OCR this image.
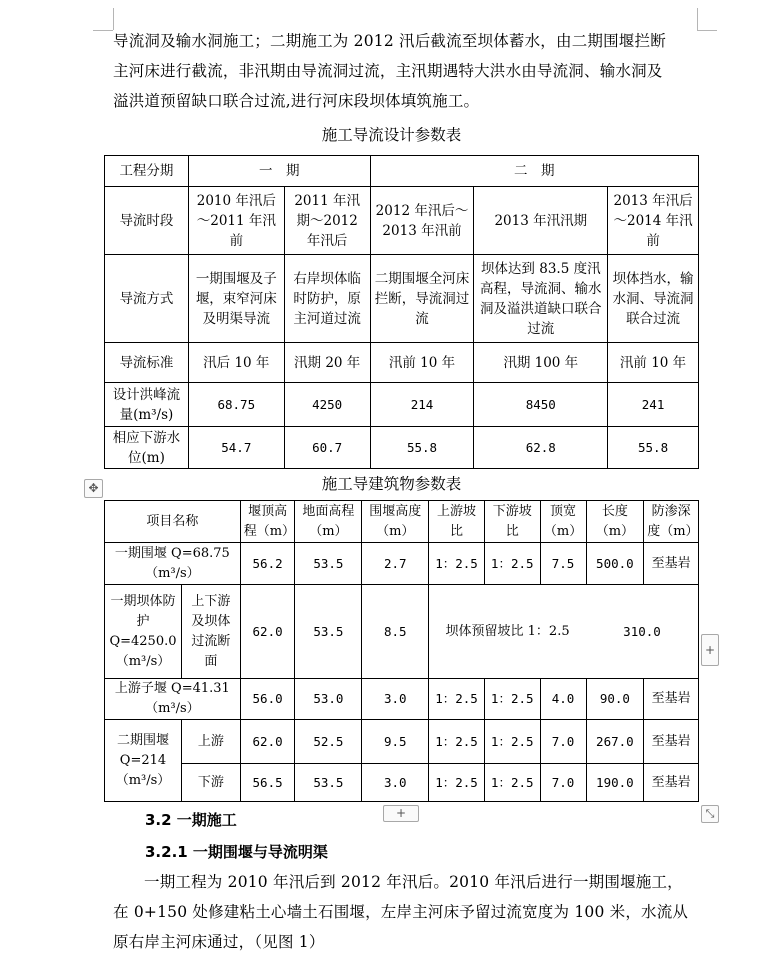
导流洞及输水洞施工；二期施工为 2012 汛后截流至坝体蓄水，由二期围堰拦断
主河床进行截流，非汛期由导流洞过流，主汛期遇特大洪水由导流洞、输水洞及
溢洪道预留缺口联合过流,进行河床段坝体填筑施工。
施工导流设计参数表
工程分期	一　期		二　期		
导流时段	2010 年汛后～2011 年汛前	2011 年汛期～2012 年汛后	2012 年汛后～2013 年汛前	2013 年汛汛期	2013 年汛后～2014 年汛前
导流方式	一期围堰及子堰，束窄河床及明渠导流	右岸坝体临时防护，原主河道过流	二期围堰全河床拦断，导流洞过流	坝体达到 83.5 度汛高程，导流洞、输水洞及溢洪道缺口联合过流	坝体挡水，输水洞、导流洞联合过流
导流标准	汛后 10 年	汛期 20 年	汛前 10 年	汛期 100 年	汛前 10 年
设计洪峰流量(m³/s)	68.75	4250	214	8450	241
相应下游水位(m)	54.7	60.7	55.8	62.8	55.8
✥	施工导建筑物参数表
项目名称		堰顶高程（m）	地面高程（m）	围堰高度（m）	上游坡比	下游坡比	顶宽（m）	长度（m）	防渗深度（m）
一期围堰 Q=68.75（m³/s）		56.2	53.5	2.7	1：2.5	1：2.5	7.5	500.0	至基岩
一期坝体防护 Q=4250.0（m³/s）	上下游及坝体过流断面	62.0	53.5	8.5	坝体预留坡比 1：2.5			310.0	
上游子堰 Q=41.31（m³/s）		56.0	53.0	3.0	1：2.5	1：2.5	4.0	90.0	至基岩
二期围堰 Q=214（m³/s）	上游	62.0	52.5	9.5	1：2.5	1：2.5	7.0	267.0	至基岩
	下游	56.5	53.5	3.0	1：2.5	1：2.5	7.0	190.0	至基岩
+
+	⤡
3.2 一期施工
3.2.1 一期围堰与导流明渠
一期工程为 2010 年汛后到 2012 年汛后。2010 年汛后进行一期围堰施工，
在 0+150 处修建粘土心墙土石围堰，左岸主河床予留过流宽度为 100 米，水流从
原右岸主河床通过，（见图 1）
